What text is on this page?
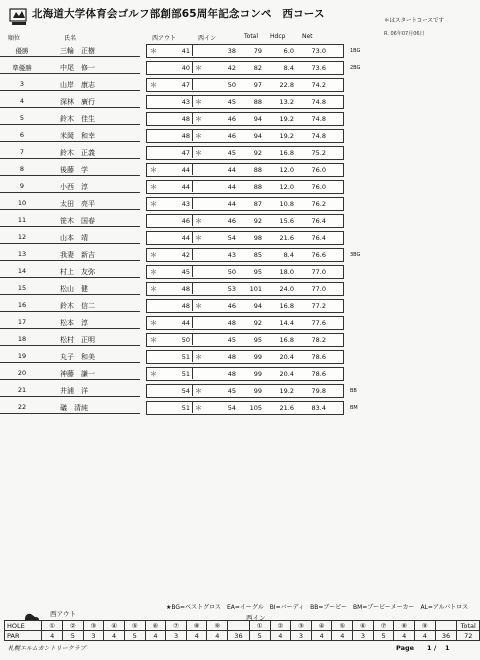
北海道大学体育会ゴルフ部創部65周年記念コンペ　西コース
＊はスタートコースです
R. 06年07月06日
順位	氏名	西アウト	西イン	Total Hdcp	Net
優勝	三輪　正樹	＊	41	38	79	6.0	73.0	1BG
準優勝	中尾　修一	40 ＊	42	82	8.4	73.6	2BG
3	山岸　康志	＊	47	50	97	22.8	74.2
4	深林　廣行	43 ＊	45	88	13.2	74.8
5	鈴木　佳生	48 ＊	46	94	19.2	74.8
6	米岡　和幸	48 ＊	46	94	19.2	74.8
7	鈴木　正義	47 ＊	45	92	16.8	75.2
8	後藤　学	＊	44	44	88	12.0	76.0
9	小西　淳	＊	44	44	88	12.0	76.0
10	太田　亮平	＊	43	44	87	10.8	76.2
11	笹木　国春	46 ＊	46	92	15.6	76.4
12	山本　靖	44 ＊	54	98	21.6	76.4
13	我妻　新吉	＊	42	43	85	8.4	76.6	3BG
14	村上　友弥	＊	45	50	95	18.0	77.0
15	松山　健	＊	48	53 101	24.0	77.0
16	鈴木　信二	48 ＊	46	94	16.8	77.2
17	松本　淳	＊	44	48	92	14.4	77.6
18	松村　正明	＊	50	45	95	16.8	78.2
19	丸子　和美	51 ＊	48	99	20.4	78.6
20	神藤　謙一	＊	51	48	99	20.4	78.6
21	井浦　洋	54 ＊	45	99	19.2	79.8	BB
22	礒　清純	51 ＊	54 105	21.6	83.4	BM
★BG=ベストグロス　EA=イーグル　BI=バーディ　BB=ブービー　BM=ブービーメーカー　AL=アルバトロス
西アウト	西イン
HOLE	①	②	③	④	⑤	⑥	⑦	⑧	⑨		①	②	③	④	⑤	⑥	⑦	⑧	⑨		Total
PAR	4	5	3	4	5	4	3	4	4	36	5	4	3	4	4	3	5	4	4	36	72
札幌エルムカントリークラブ	Page　　1 /　 1
